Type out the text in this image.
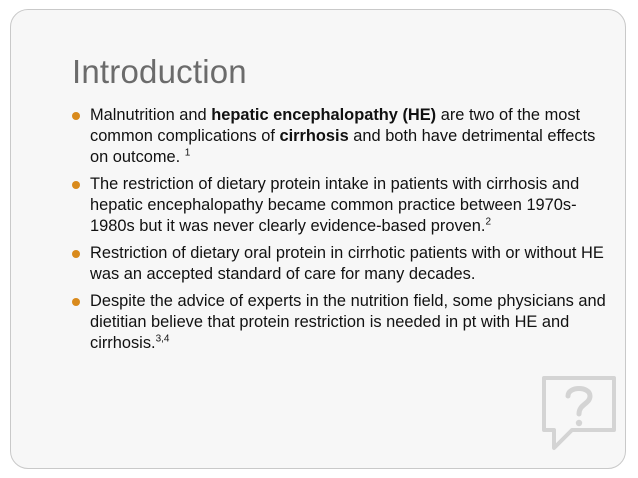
Introduction
Malnutrition and hepatic encephalopathy (HE) are two of the most common complications of cirrhosis and both have detrimental effects on outcome. $^1$
The restriction of dietary protein intake in patients with cirrhosis and hepatic encephalopathy became common practice between 1970s- 1980s but it was never clearly evidence-based proven.$^2$
Restriction of dietary oral protein in cirrhotic patients with or without HE was an accepted standard of care for many decades.
Despite the advice of experts in the nutrition field, some physicians and dietitian believe that protein restriction is needed in pt with HE and cirrhosis.$^{3,4}$
